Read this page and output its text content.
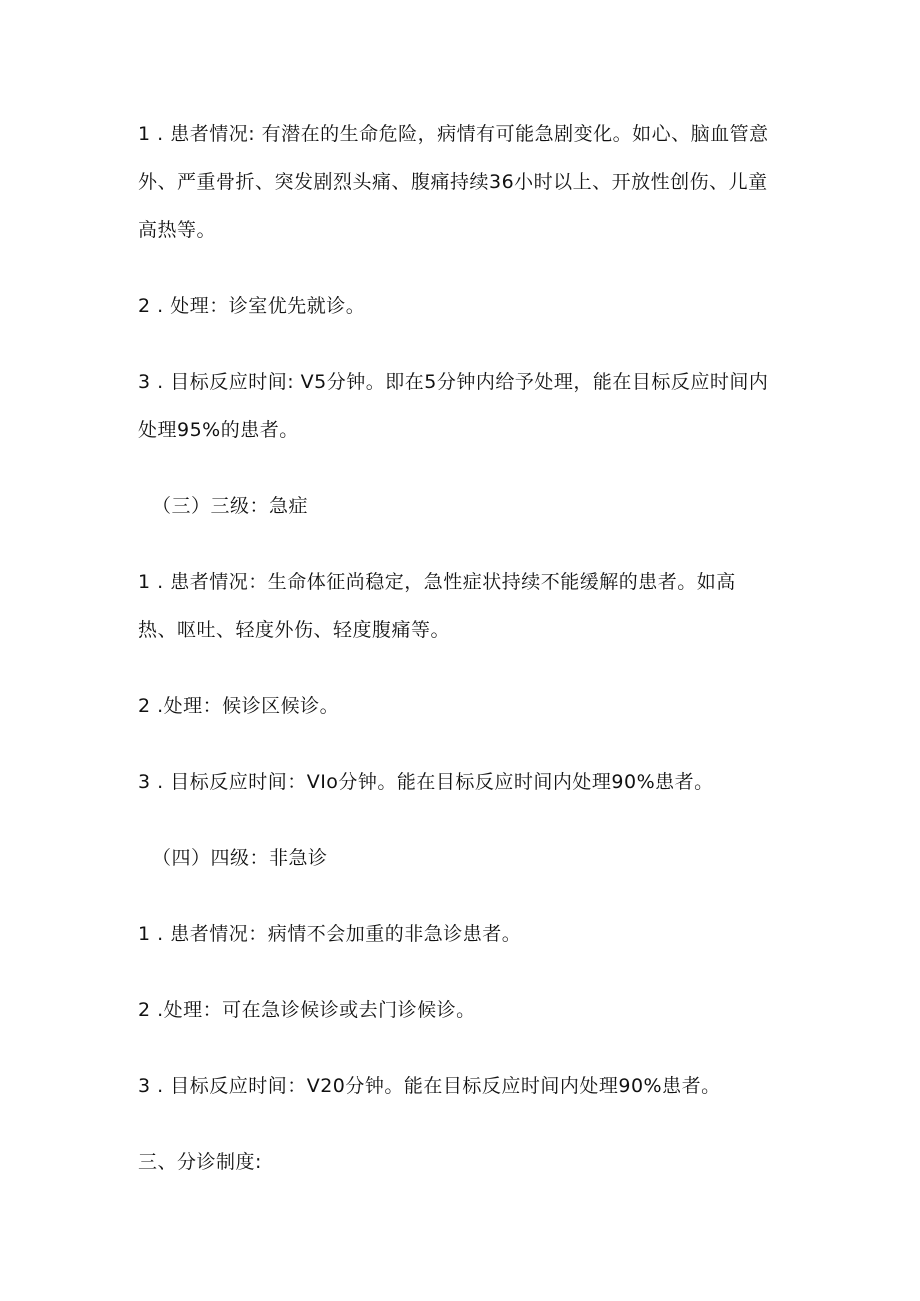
1 . 患者情况: 有潜在的生命危险，病情有可能急剧变化。如心、脑血管意
外、严重骨折、突发剧烈头痛、腹痛持续36小时以上、开放性创伤、儿童
高热等。
2 . 处理：诊室优先就诊。
3 . 目标反应时间: V5分钟。即在5分钟内给予处理，能在目标反应时间内
处理95%的患者。
（三）三级：急症
1 . 患者情况：生命体征尚稳定，急性症状持续不能缓解的患者。如高
热、呕吐、轻度外伤、轻度腹痛等。
2 .处理：候诊区候诊。
3 . 目标反应时间：VIo分钟。能在目标反应时间内处理90%患者。
（四）四级：非急诊
1 . 患者情况：病情不会加重的非急诊患者。
2 .处理：可在急诊候诊或去门诊候诊。
3 . 目标反应时间：V20分钟。能在目标反应时间内处理90%患者。
三、分诊制度:
